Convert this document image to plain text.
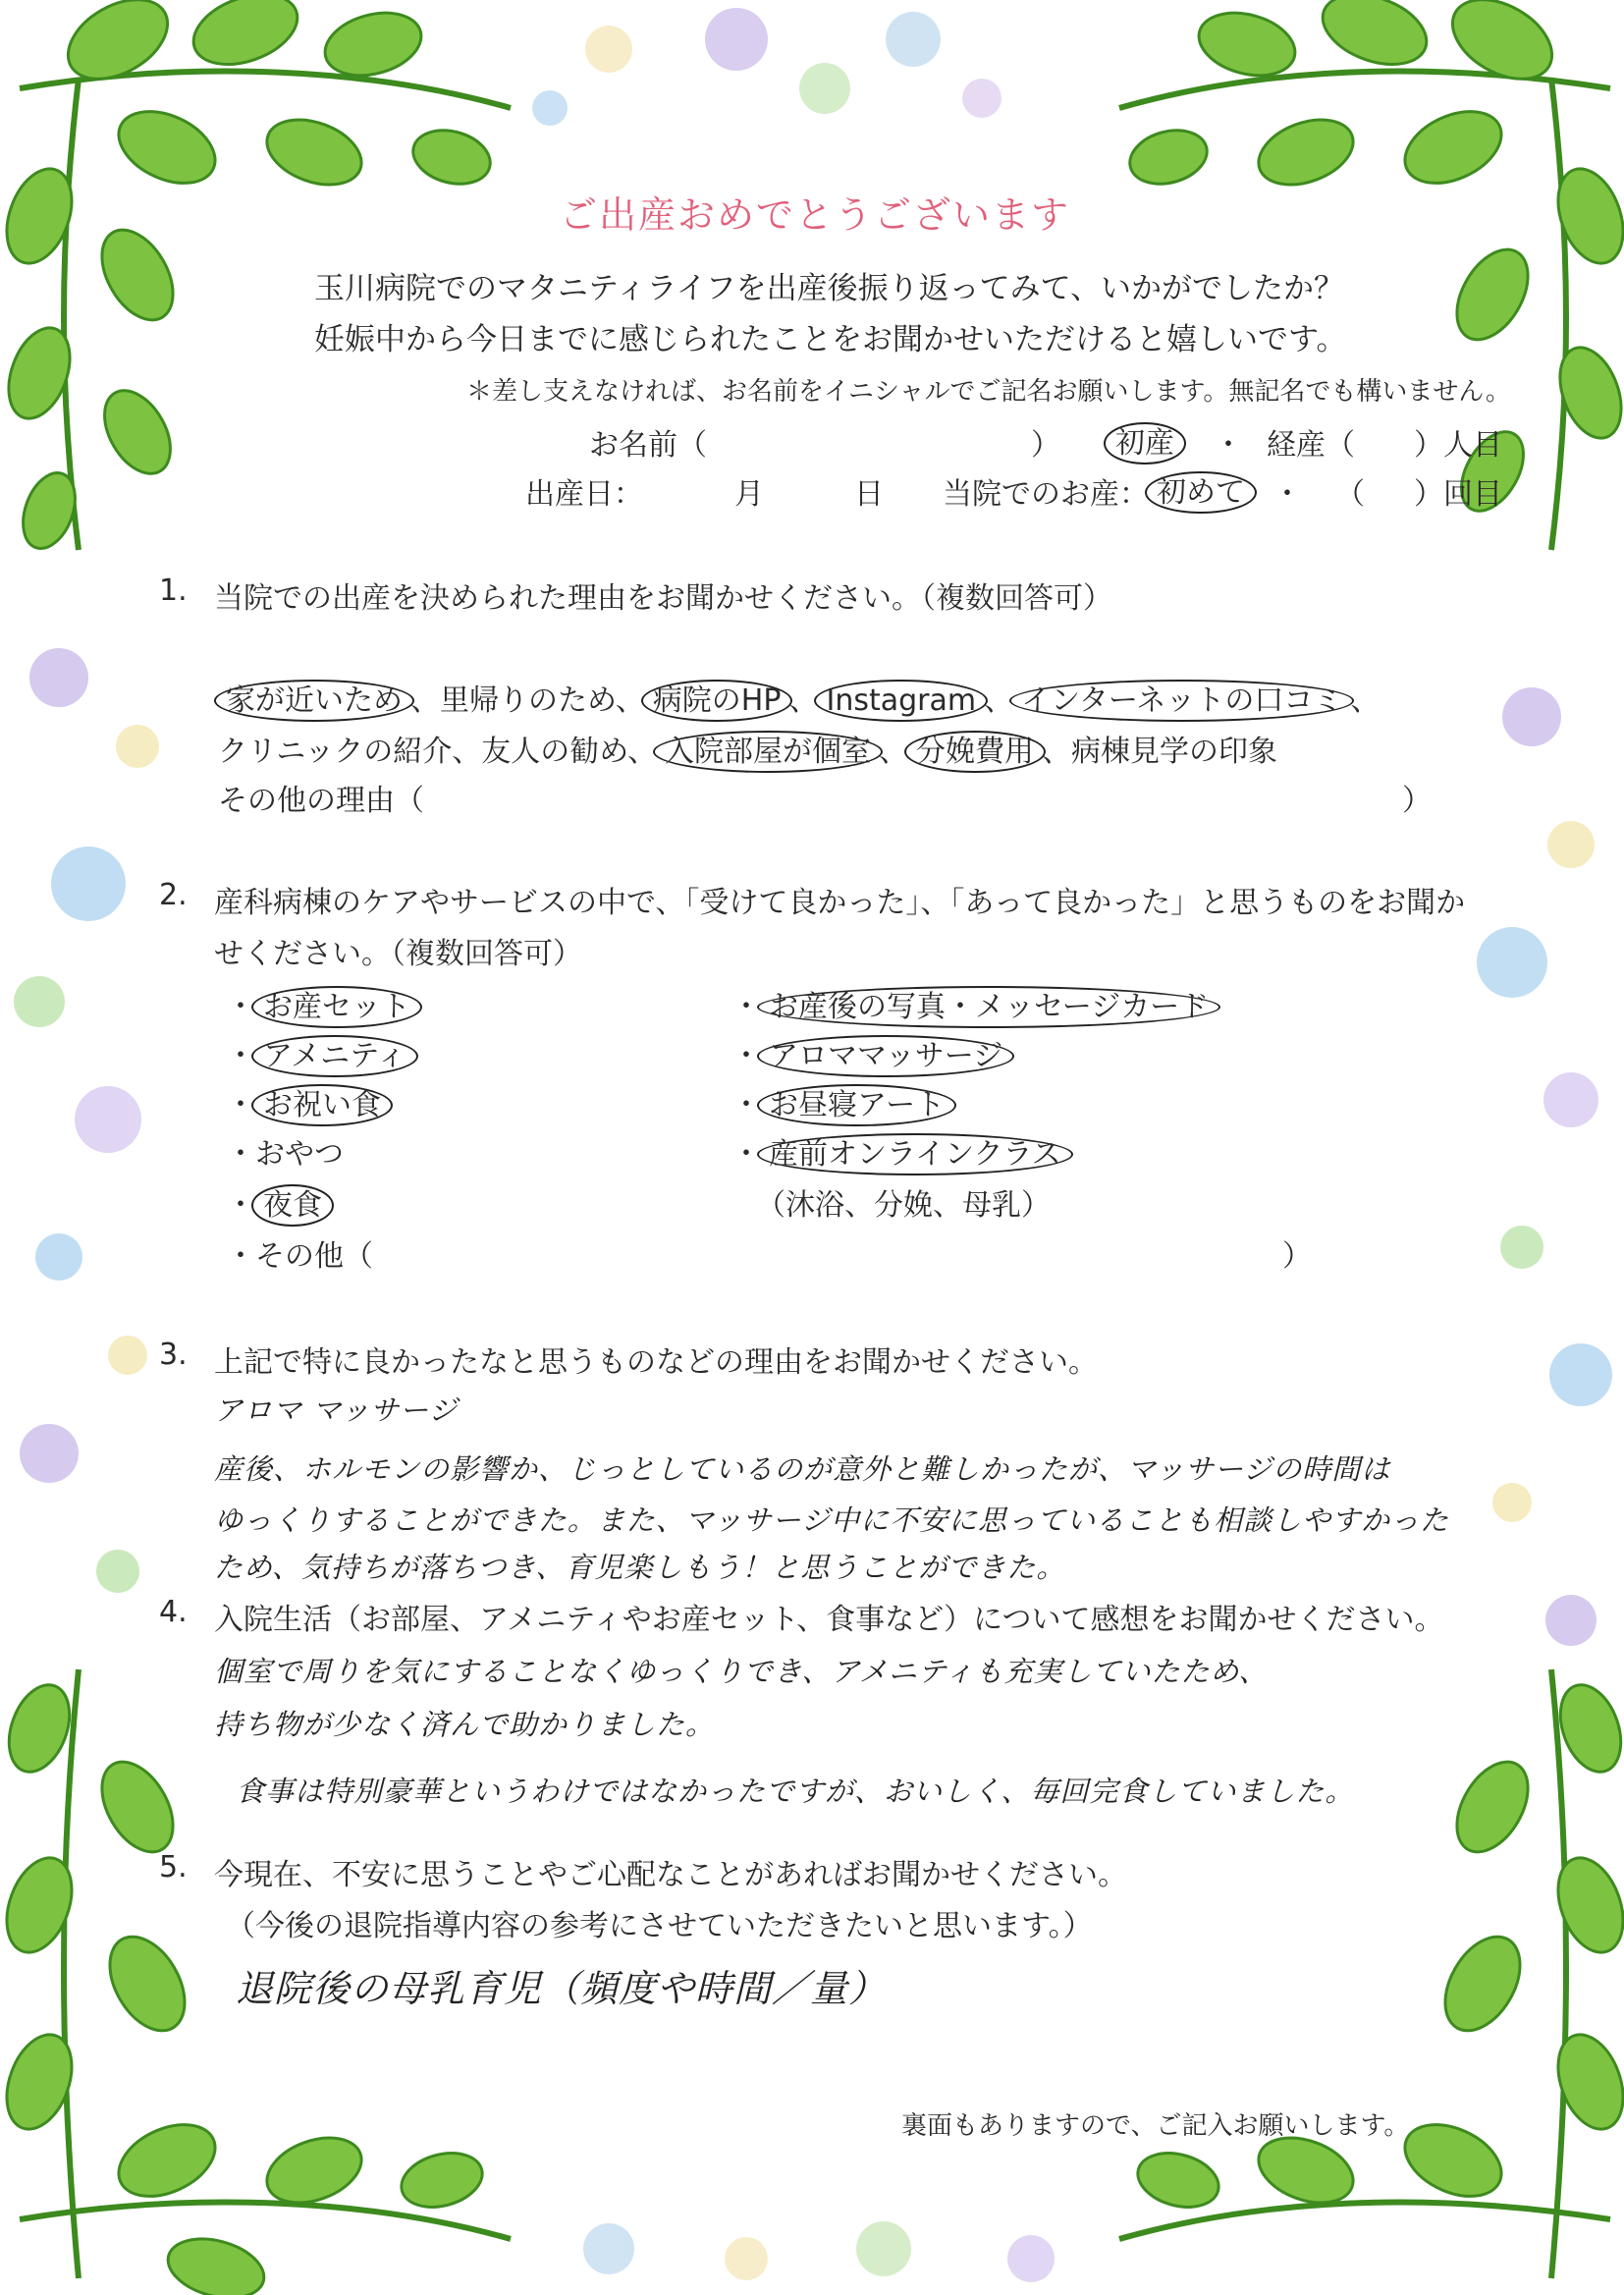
ご出産おめでとうございます
玉川病院でのマタニティライフを出産後振り返ってみて、いかがでしたか？
妊娠中から今日までに感じられたことをお聞かせいただけると嬉しいです。
＊差し支えなければ、お名前をイニシャルでご記名お願いします。無記名でも構いません。
お名前（	） 初産 ・ 経産（ ）人目
出産日：	月	日 当院でのお産： 初めて ・ （ ）回目
1. 当院での出産を決められた理由をお聞かせください。（複数回答可）
家が近いため 、里帰りのため、 病院のHP 、 Instagram 、 インターネットの口コミ 、
クリニックの紹介、友人の勧め、 入院部屋が個室 、 分娩費用 、病棟見学の印象
その他の理由（	）
2. 産科病棟のケアやサービスの中で、「受けて良かった」、「あって良かった」と思うものをお聞か
せください。（複数回答可）
・ お産セット
・ アメニティ
・ お祝い食
・おやつ
・ 夜食
・その他（	）
・ お産後の写真・メッセージカード
・ アロママッサージ
・ お昼寝アート
・ 産前オンラインクラス
（沐浴、分娩、母乳）
3. 上記で特に良かったなと思うものなどの理由をお聞かせください。
アロマ マッサージ
産後、ホルモンの影響か、じっとしているのが意外と難しかったが、マッサージの時間は
ゆっくりすることができた。また、マッサージ中に不安に思っていることも相談しやすかった
ため、気持ちが落ちつき、育児楽しもう！と思うことができた。
4. 入院生活（お部屋、アメニティやお産セット、食事など）について感想をお聞かせください。
個室で周りを気にすることなくゆっくりでき、アメニティも充実していたため、
持ち物が少なく済んで助かりました。
食事は特別豪華というわけではなかったですが、おいしく、毎回完食していました。
5. 今現在、不安に思うことやご心配なことがあればお聞かせください。
（今後の退院指導内容の参考にさせていただきたいと思います。）
退院後の母乳育児（頻度や時間／量）
裏面もありますので、ご記入お願いします。
